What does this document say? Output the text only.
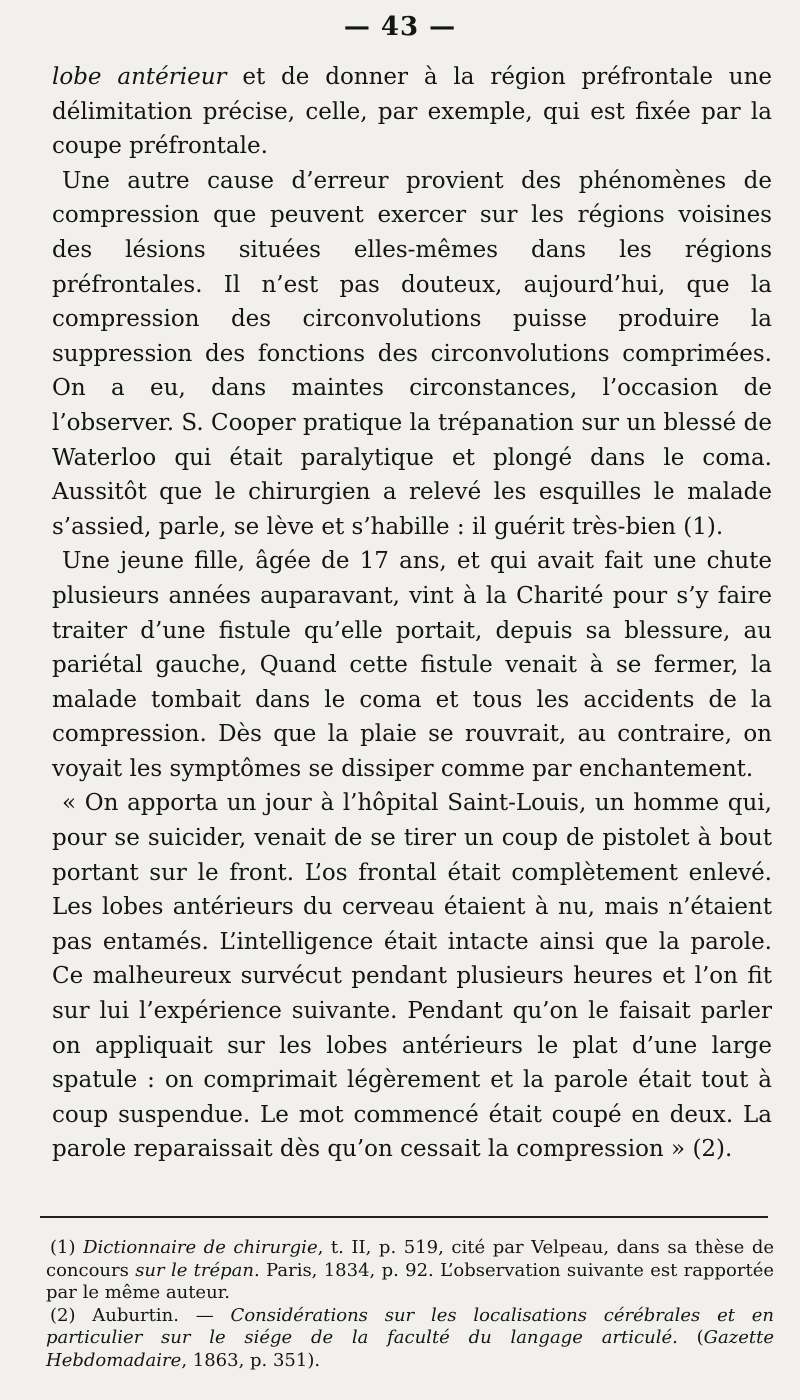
— 43 —

lobe antérieur et de donner à la région préfrontale une délimitation précise, celle, par exemple, qui est fixée par la coupe préfrontale.

Une autre cause d’erreur provient des phénomènes de compression que peuvent exercer sur les régions voisines des lésions situées elles-mêmes dans les régions préfrontales. Il n’est pas douteux, aujourd’hui, que la compression des circonvolutions puisse produire la suppression des fonctions des circonvolutions comprimées. On a eu, dans maintes circonstances, l’occasion de l’observer. S. Cooper pratique la trépanation sur un blessé de Waterloo qui était paralytique et plongé dans le coma. Aussitôt que le chirurgien a relevé les esquilles le malade s’assied, parle, se lève et s’habille : il guérit très-bien (1).

Une jeune fille, âgée de 17 ans, et qui avait fait une chute plusieurs années auparavant, vint à la Charité pour s’y faire traiter d’une fistule qu’elle portait, depuis sa blessure, au pariétal gauche, Quand cette fistule venait à se fermer, la malade tombait dans le coma et tous les accidents de la compression. Dès que la plaie se rouvrait, au contraire, on voyait les symptômes se dissiper comme par enchantement.

« On apporta un jour à l’hôpital Saint-Louis, un homme qui, pour se suicider, venait de se tirer un coup de pistolet à bout portant sur le front. L’os frontal était complètement enlevé. Les lobes antérieurs du cerveau étaient à nu, mais n’étaient pas entamés. L’intelligence était intacte ainsi que la parole. Ce malheureux survécut pendant plusieurs heures et l’on fit sur lui l’expérience suivante. Pendant qu’on le faisait parler on appliquait sur les lobes antérieurs le plat d’une large spatule : on comprimait légèrement et la parole était tout à coup suspendue. Le mot commencé était coupé en deux. La parole reparaissait dès qu’on cessait la compression » (2).

(1) Dictionnaire de chirurgie, t. II, p. 519, cité par Velpeau, dans sa thèse de concours sur le trépan. Paris, 1834, p. 92. L’observation suivante est rapportée par le même auteur.

(2) Auburtin. — Considérations sur les localisations cérébrales et en particulier sur le siége de la faculté du langage articulé. (Gazette Hebdomadaire, 1863, p. 351).
